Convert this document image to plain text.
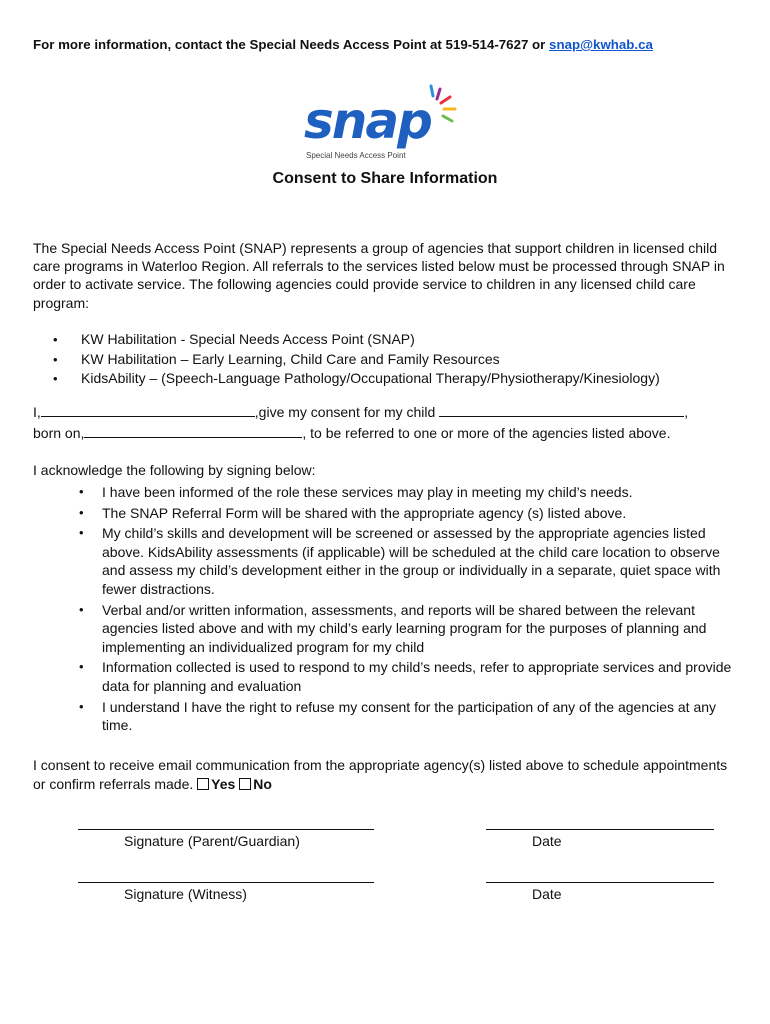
For more information, contact the Special Needs Access Point at 519-514-7627 or snap@kwhab.ca
snap
Special Needs Access Point
Consent to Share Information

The Special Needs Access Point (SNAP) represents a group of agencies that support children in licensed child care programs in Waterloo Region. All referrals to the services listed below must be processed through SNAP in order to activate service. The following agencies could provide service to children in any licensed child care program:

• KW Habilitation - Special Needs Access Point (SNAP)
• KW Habilitation – Early Learning, Child Care and Family Resources
• KidsAbility – (Speech-Language Pathology/Occupational Therapy/Physiotherapy/Kinesiology)
I,	,give my consent for my child	,
born on,	, to be referred to one or more of the agencies listed above.
I acknowledge the following by signing below:
• I have been informed of the role these services may play in meeting my child’s needs.
• The SNAP Referral Form will be shared with the appropriate agency (s) listed above.
• My child’s skills and development will be screened or assessed by the appropriate agencies listed above. KidsAbility assessments (if applicable) will be scheduled at the child care location to observe and assess my child’s development either in the group or individually in a separate, quiet space with fewer distractions.
• Verbal and/or written information, assessments, and reports will be shared between the relevant agencies listed above and with my child’s early learning program for the purposes of planning and implementing an individualized program for my child
• Information collected is used to respond to my child’s needs, refer to appropriate services and provide data for planning and evaluation
• I understand I have the right to refuse my consent for the participation of any of the agencies at any time.

I consent to receive email communication from the appropriate agency(s) listed above to schedule appointments or confirm referrals made. Yes No

Signature (Parent/Guardian)	Date
Signature (Witness)	Date
